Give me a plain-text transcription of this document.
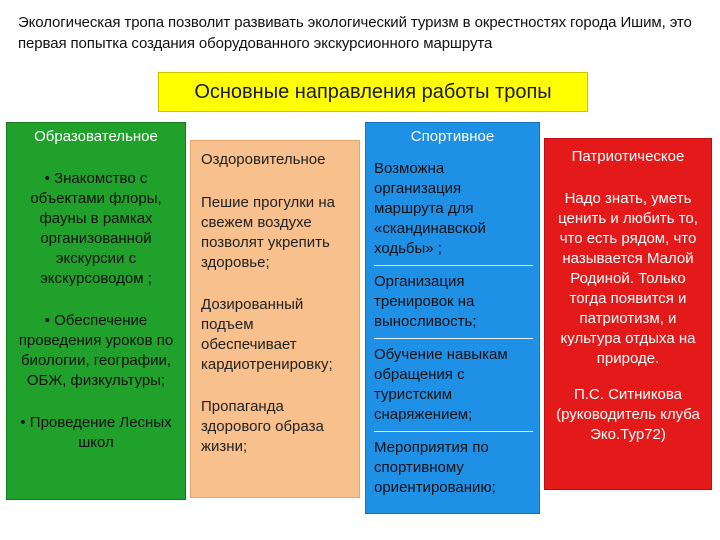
Экологическая тропа позволит развивать экологический туризм в окрестностях города Ишим, это первая попытка создания оборудованного экскурсионного маршрута
Основные направления работы тропы
Образовательное

• Знакомство с объектами флоры, фауны в рамках организованной экскурсии с экскурсоводом ;

• Обеспечение проведения уроков по биологии, географии, ОБЖ, физкультуры;

• Проведение Лесных школ

Оздоровительное

Пешие прогулки на свежем воздухе позволят укрепить здоровье;

Дозированный подъем обеспечивает кардиотренировку;

Пропаганда здорового образа жизни;

Спортивное

Возможна организация маршрута для «скандинавской ходьбы» ;

Организация тренировок на выносливость;

Обучение навыкам обращения с туристским снаряжением;

Мероприятия по спортивному ориентированию;

Патриотическое

Надо знать, уметь ценить и любить то, что есть рядом, что называется Малой Родиной. Только тогда появится и патриотизм, и культура отдыха на природе.

П.С. Ситникова (руководитель клуба Эко.Тур72)
